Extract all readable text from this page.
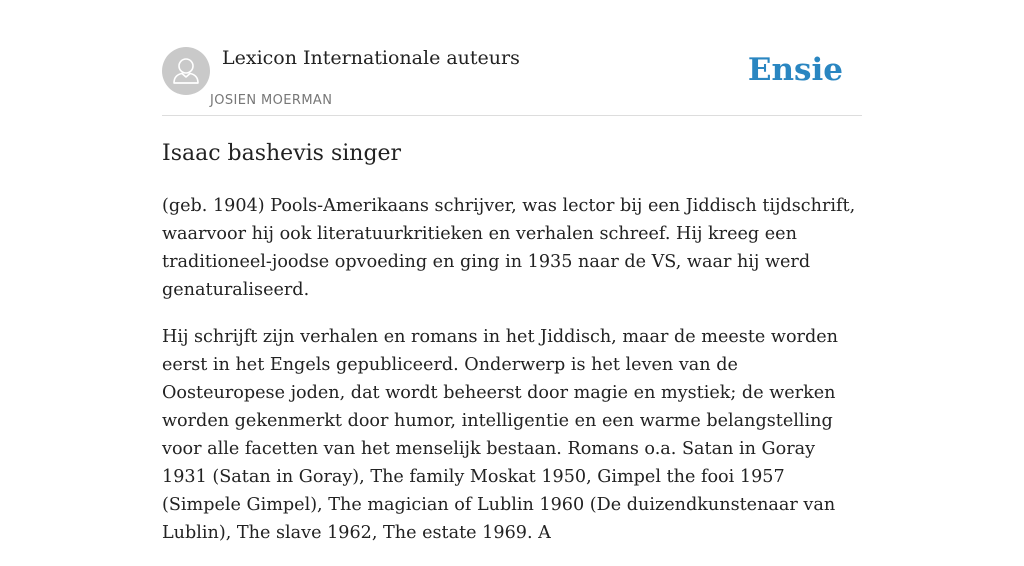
Lexicon Internationale auteurs
JOSIEN MOERMAN
Ensie
Isaac bashevis singer

(geb. 1904) Pools-Amerikaans schrijver, was lector bij een Jiddisch tijdschrift, waarvoor hij ook literatuurkritieken en verhalen schreef. Hij kreeg een traditioneel-joodse opvoeding en ging in 1935 naar de VS, waar hij werd genaturaliseerd.

Hij schrijft zijn verhalen en romans in het Jiddisch, maar de meeste worden eerst in het Engels gepubliceerd. Onderwerp is het leven van de Oosteuropese joden, dat wordt beheerst door magie en mystiek; de werken worden gekenmerkt door humor, intelligentie en een warme belangstelling voor alle facetten van het menselijk bestaan. Romans o.a. Satan in Goray 1931 (Satan in Goray), The family Moskat 1950, Gimpel the fooi 1957 (Simpele Gimpel), The magician of Lublin 1960 (De duizendkunstenaar van Lublin), The slave 1962, The estate 1969. A
